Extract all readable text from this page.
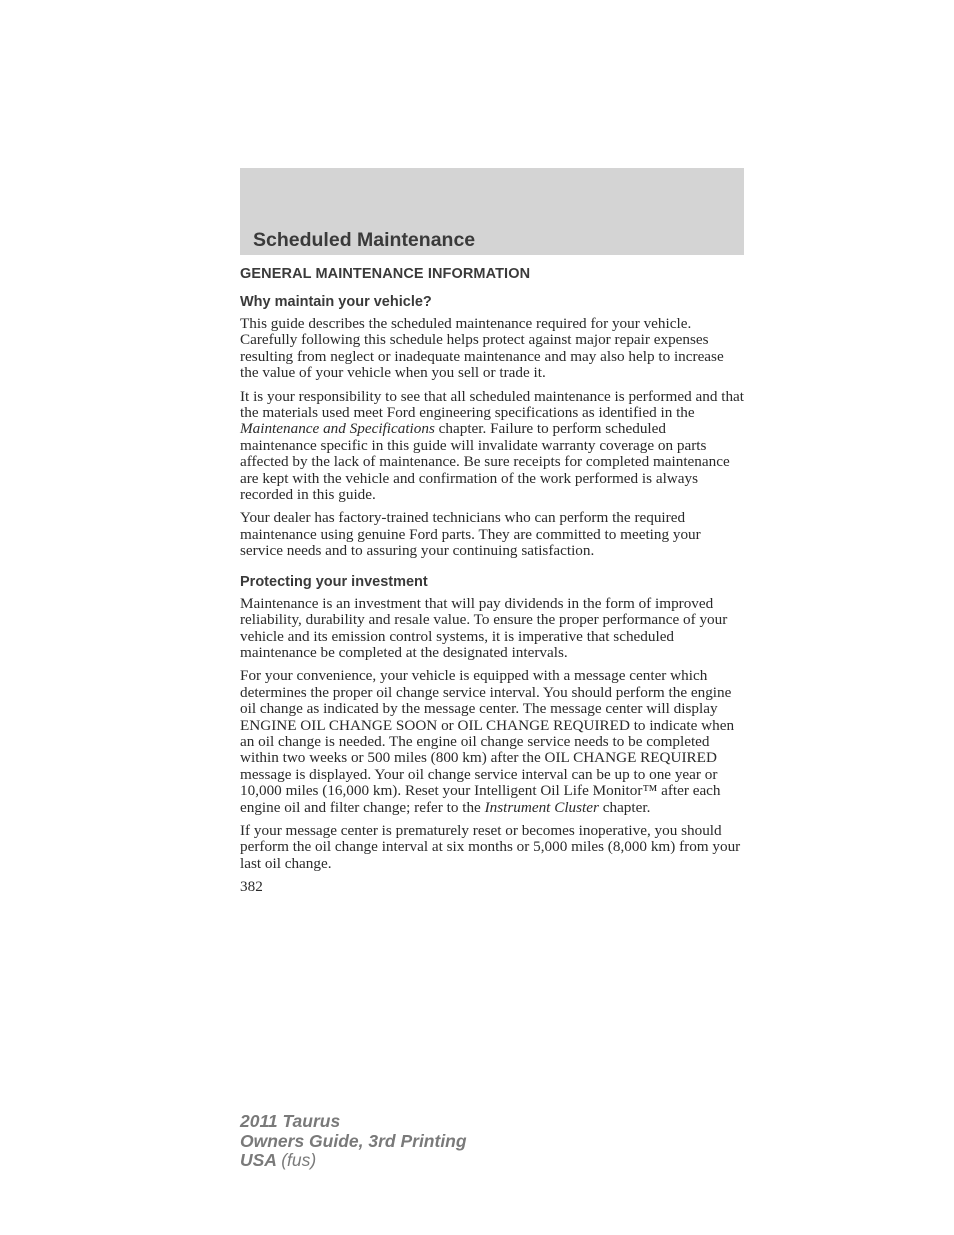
Scheduled Maintenance
GENERAL MAINTENANCE INFORMATION
Why maintain your vehicle?

This guide describes the scheduled maintenance required for your vehicle. Carefully following this schedule helps protect against major repair expenses resulting from neglect or inadequate maintenance and may also help to increase the value of your vehicle when you sell or trade it.

It is your responsibility to see that all scheduled maintenance is performed and that the materials used meet Ford engineering specifications as identified in the Maintenance and Specifications chapter. Failure to perform scheduled maintenance specific in this guide will invalidate warranty coverage on parts affected by the lack of maintenance. Be sure receipts for completed maintenance are kept with the vehicle and confirmation of the work performed is always recorded in this guide.

Your dealer has factory-trained technicians who can perform the required maintenance using genuine Ford parts. They are committed to meeting your service needs and to assuring your continuing satisfaction.

Protecting your investment

Maintenance is an investment that will pay dividends in the form of improved reliability, durability and resale value. To ensure the proper performance of your vehicle and its emission control systems, it is imperative that scheduled maintenance be completed at the designated intervals.

For your convenience, your vehicle is equipped with a message center which determines the proper oil change service interval. You should perform the engine oil change as indicated by the message center. The message center will display ENGINE OIL CHANGE SOON or OIL CHANGE REQUIRED to indicate when an oil change is needed. The engine oil change service needs to be completed within two weeks or 500 miles (800 km) after the OIL CHANGE REQUIRED message is displayed. Your oil change service interval can be up to one year or 10,000 miles (16,000 km). Reset your Intelligent Oil Life Monitor™ after each engine oil and filter change; refer to the Instrument Cluster chapter.

If your message center is prematurely reset or becomes inoperative, you should perform the oil change interval at six months or 5,000 miles (8,000 km) from your last oil change.

382

2011 Taurus
Owners Guide, 3rd Printing
USA (fus)
